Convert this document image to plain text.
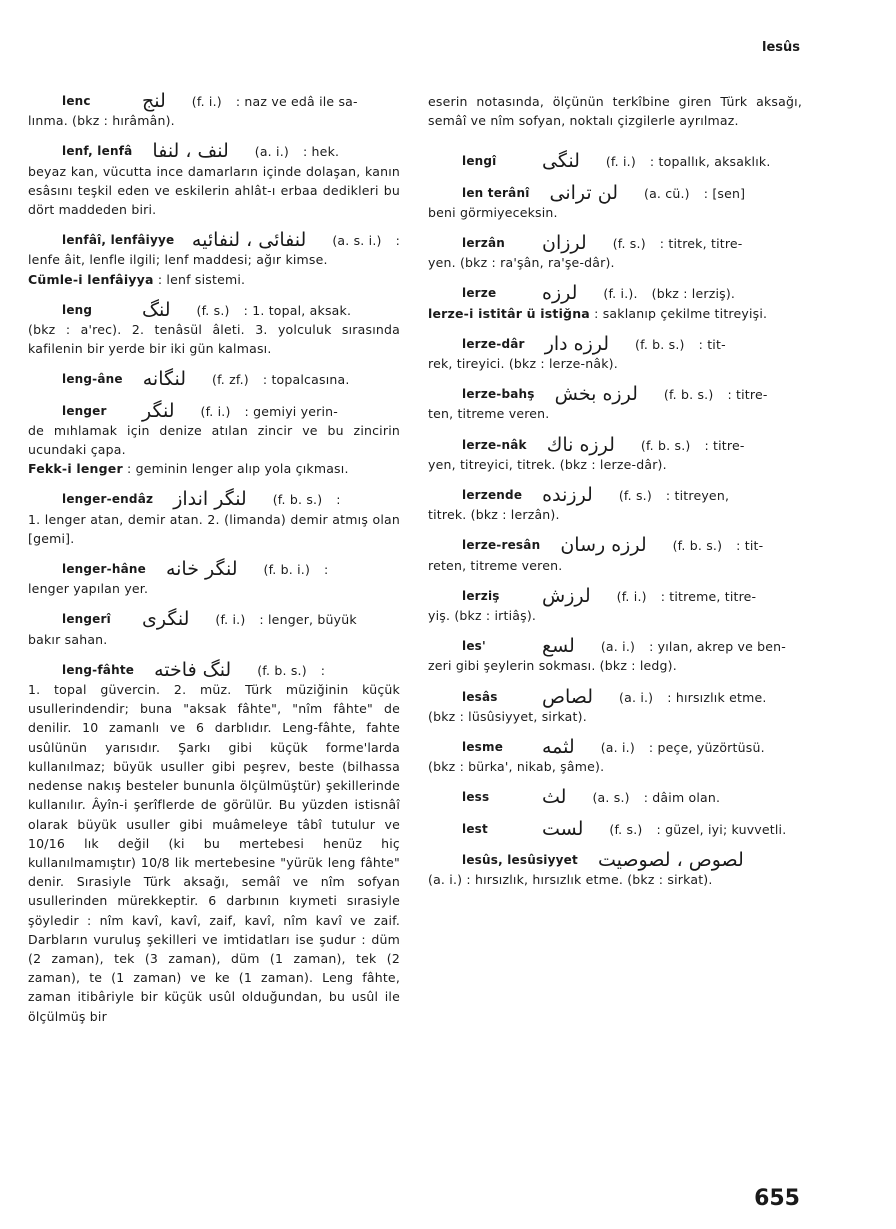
lesûs
lenc	لنج (f. i.) : naz ve edâ ile sa-
lınma. (bkz : hırâmân).
lenf, lenfâ لنف ، لنفا (a. i.) : hek.
beyaz kan, vücutta ince damarların içinde dolaşan, kanın esâsını teşkil eden ve eskilerin ahlât-ı erbaa dedikleri bu dört maddeden biri.
lenfâî, lenfâiyye لنفائى ، لنفائيه (a. s. i.) :
lenfe âit, lenfle ilgili; lenf maddesi; ağır kimse.
Cümle-i lenfâiyya : lenf sistemi.
leng	لنگ (f. s.) : 1. topal, aksak.
(bkz : a'rec). 2. tenâsül âleti. 3. yolculuk sırasında kafilenin bir yerde bir iki gün kalması.
leng-âne لنگانه (f. zf.) : topalcasına.
lenger	لنگر (f. i.) : gemiyi yerin-
de mıhlamak için denize atılan zincir ve bu zincirin ucundaki çapa.
Fekk-i lenger : geminin lenger alıp yola çıkması.
lenger-endâz لنگر انداز (f. b. s.) :
1. lenger atan, demir atan. 2. (limanda) demir atmış olan [gemi].
lenger-hâne لنگر خانه (f. b. i.) :
lenger yapılan yer.
lengerî	لنگرى (f. i.) : lenger, büyük
bakır sahan.
leng-fâhte لنگ فاخته (f. b. s.) :
1. topal güvercin. 2. müz. Türk müziğinin küçük usullerindendir; buna "aksak fâhte", "nîm fâhte" de denilir. 10 zamanlı ve 6 darblıdır. Leng-fâhte, fahte usûlünün yarısıdır. Şarkı gibi küçük forme'larda kullanılmaz; büyük usuller gibi peşrev, beste (bilhassa nedense nakış besteler bununla ölçülmüştür) şekillerinde kullanılır. Âyîn-i şerîflerde de görülür. Bu yüzden istisnâî olarak büyük usuller gibi muâmeleye tâbî tutulur ve 10/16 lık değil (ki bu mertebesi henüz hiç kullanılmamıştır) 10/8 lik mertebesine "yürük leng fâhte" denir. Sırasiyle Türk aksağı, semâî ve nîm sofyan usullerinden mürekkeptir. 6 darbının kıymeti sırasiyle şöyledir : nîm kavî, kavî, zaif, kavî, nîm kavî ve zaif. Darbların vuruluş şekilleri ve imtidatları ise şudur : düm (2 zaman), tek (3 zaman), düm (1 zaman), tek (2 zaman), te (1 zaman) ve ke (1 zaman). Leng fâhte, zaman itibâriyle bir küçük usûl olduğundan, bu usûl ile ölçülmüş bir
eserin notasında, ölçünün terkîbine giren Türk aksağı, semâî ve nîm sofyan, noktalı çizgilerle ayrılmaz.
lengî	لنگى (f. i.) : topallık, aksaklık.
len terânî لن ترانى (a. cü.) : [sen]
beni görmiyeceksin.
lerzân	لرزان (f. s.) : titrek, titre-
yen. (bkz : ra'şân, ra'şe-dâr).
lerze	لرزه (f. i.). (bkz : lerziş).
lerze-i istitâr ü istiğna : saklanıp çekilme titreyişi.
lerze-dâr لرزه دار (f. b. s.) : tit-
rek, tireyici. (bkz : lerze-nâk).
lerze-bahş لرزه بخش (f. b. s.) : titre-
ten, titreme veren.
lerze-nâk لرزه ناك (f. b. s.) : titre-
yen, titreyici, titrek. (bkz : lerze-dâr).
lerzende لرزنده (f. s.) : titreyen,
titrek. (bkz : lerzân).
lerze-resân لرزه رسان (f. b. s.) : tit-
reten, titreme veren.
lerziş	لرزش (f. i.) : titreme, titre-
yiş. (bkz : irtiâş).
les'	لسع (a. i.) : yılan, akrep ve ben-
zeri gibi şeylerin sokması. (bkz : ledg).
lesâs	لصاص (a. i.) : hırsızlık etme.
(bkz : lüsûsiyyet, sirkat).
lesme	لثمه (a. i.) : peçe, yüzörtüsü.
(bkz : bürka', nikab, şâme).
less	لث (a. s.) : dâim olan.
lest	لست (f. s.) : güzel, iyi; kuvvetli.
lesûs, lesûsiyyet لصوص ، لصوصيت
(a. i.) : hırsızlık, hırsızlık etme. (bkz : sirkat).
655
